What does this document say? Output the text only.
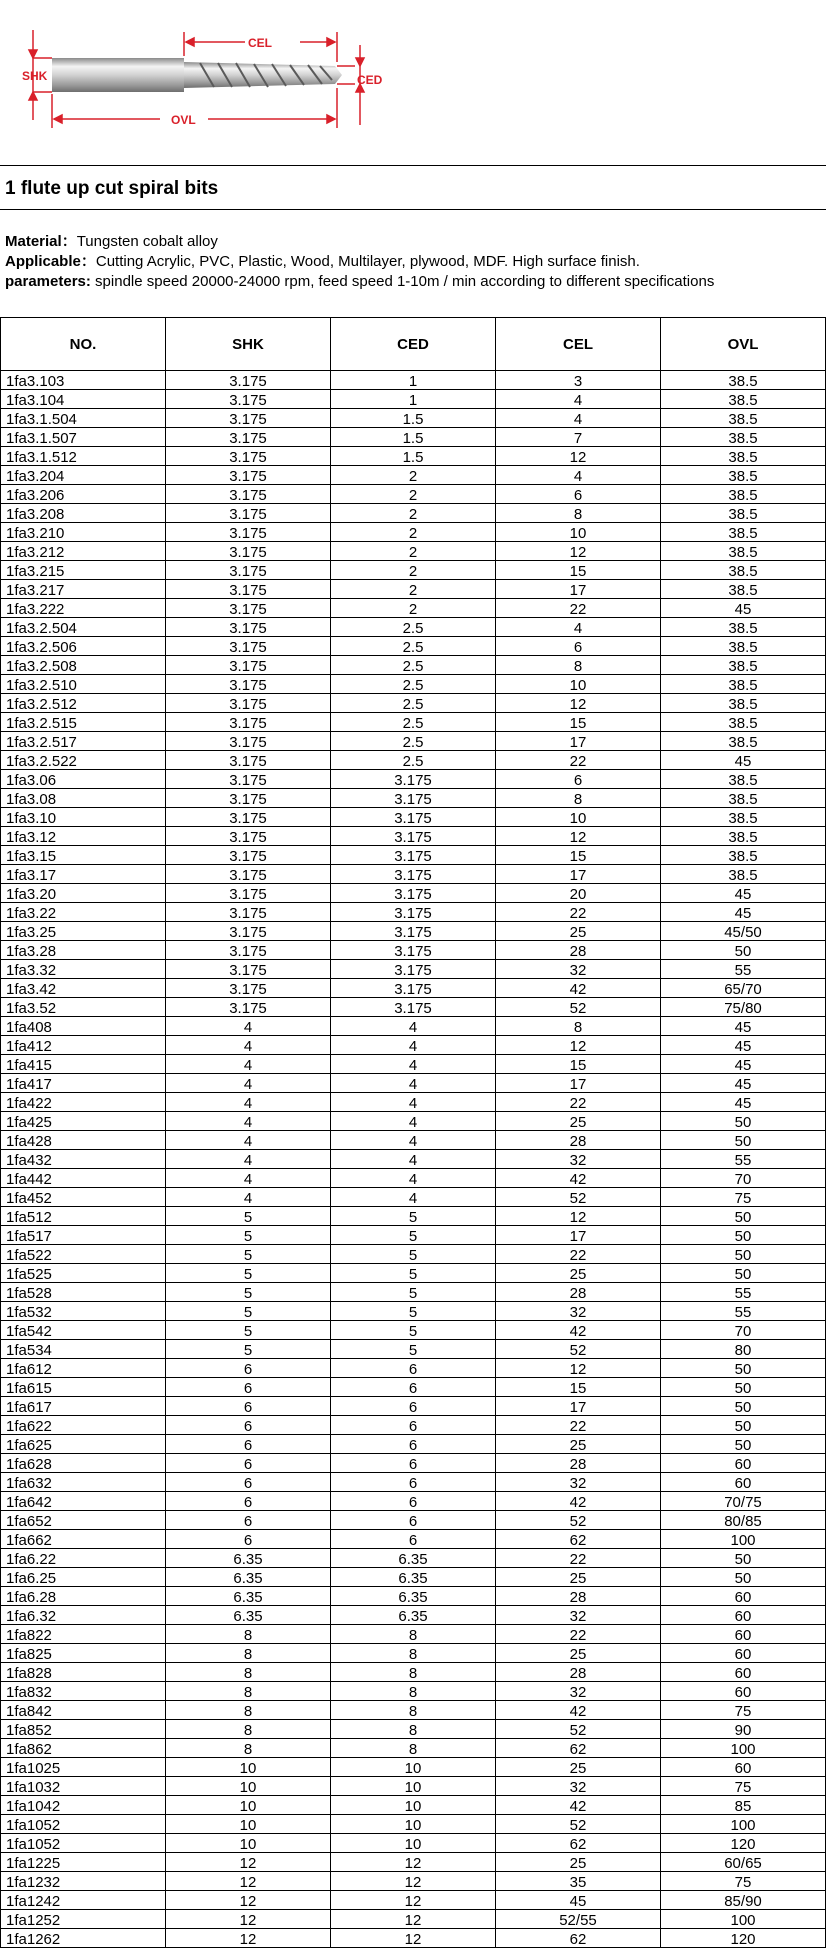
SHK
CEL
CED
OVL
1 flute up cut spiral bits
Material：Tungsten cobalt alloy
Applicable：Cutting Acrylic, PVC, Plastic, Wood, Multilayer, plywood, MDF. High surface finish.
parameters: spindle speed 20000-24000 rpm, feed speed 1-10m / min according to different specifications
NO.	SHK	CED	CEL	OVL
1fa3.103	3.175	1	3	38.5
1fa3.104	3.175	1	4	38.5
1fa3.1.504	3.175	1.5	4	38.5
1fa3.1.507	3.175	1.5	7	38.5
1fa3.1.512	3.175	1.5	12	38.5
1fa3.204	3.175	2	4	38.5
1fa3.206	3.175	2	6	38.5
1fa3.208	3.175	2	8	38.5
1fa3.210	3.175	2	10	38.5
1fa3.212	3.175	2	12	38.5
1fa3.215	3.175	2	15	38.5
1fa3.217	3.175	2	17	38.5
1fa3.222	3.175	2	22	45
1fa3.2.504	3.175	2.5	4	38.5
1fa3.2.506	3.175	2.5	6	38.5
1fa3.2.508	3.175	2.5	8	38.5
1fa3.2.510	3.175	2.5	10	38.5
1fa3.2.512	3.175	2.5	12	38.5
1fa3.2.515	3.175	2.5	15	38.5
1fa3.2.517	3.175	2.5	17	38.5
1fa3.2.522	3.175	2.5	22	45
1fa3.06	3.175	3.175	6	38.5
1fa3.08	3.175	3.175	8	38.5
1fa3.10	3.175	3.175	10	38.5
1fa3.12	3.175	3.175	12	38.5
1fa3.15	3.175	3.175	15	38.5
1fa3.17	3.175	3.175	17	38.5
1fa3.20	3.175	3.175	20	45
1fa3.22	3.175	3.175	22	45
1fa3.25	3.175	3.175	25	45/50
1fa3.28	3.175	3.175	28	50
1fa3.32	3.175	3.175	32	55
1fa3.42	3.175	3.175	42	65/70
1fa3.52	3.175	3.175	52	75/80
1fa408	4	4	8	45
1fa412	4	4	12	45
1fa415	4	4	15	45
1fa417	4	4	17	45
1fa422	4	4	22	45
1fa425	4	4	25	50
1fa428	4	4	28	50
1fa432	4	4	32	55
1fa442	4	4	42	70
1fa452	4	4	52	75
1fa512	5	5	12	50
1fa517	5	5	17	50
1fa522	5	5	22	50
1fa525	5	5	25	50
1fa528	5	5	28	55
1fa532	5	5	32	55
1fa542	5	5	42	70
1fa534	5	5	52	80
1fa612	6	6	12	50
1fa615	6	6	15	50
1fa617	6	6	17	50
1fa622	6	6	22	50
1fa625	6	6	25	50
1fa628	6	6	28	60
1fa632	6	6	32	60
1fa642	6	6	42	70/75
1fa652	6	6	52	80/85
1fa662	6	6	62	100
1fa6.22	6.35	6.35	22	50
1fa6.25	6.35	6.35	25	50
1fa6.28	6.35	6.35	28	60
1fa6.32	6.35	6.35	32	60
1fa822	8	8	22	60
1fa825	8	8	25	60
1fa828	8	8	28	60
1fa832	8	8	32	60
1fa842	8	8	42	75
1fa852	8	8	52	90
1fa862	8	8	62	100
1fa1025	10	10	25	60
1fa1032	10	10	32	75
1fa1042	10	10	42	85
1fa1052	10	10	52	100
1fa1052	10	10	62	120
1fa1225	12	12	25	60/65
1fa1232	12	12	35	75
1fa1242	12	12	45	85/90
1fa1252	12	12	52/55	100
1fa1262	12	12	62	120
